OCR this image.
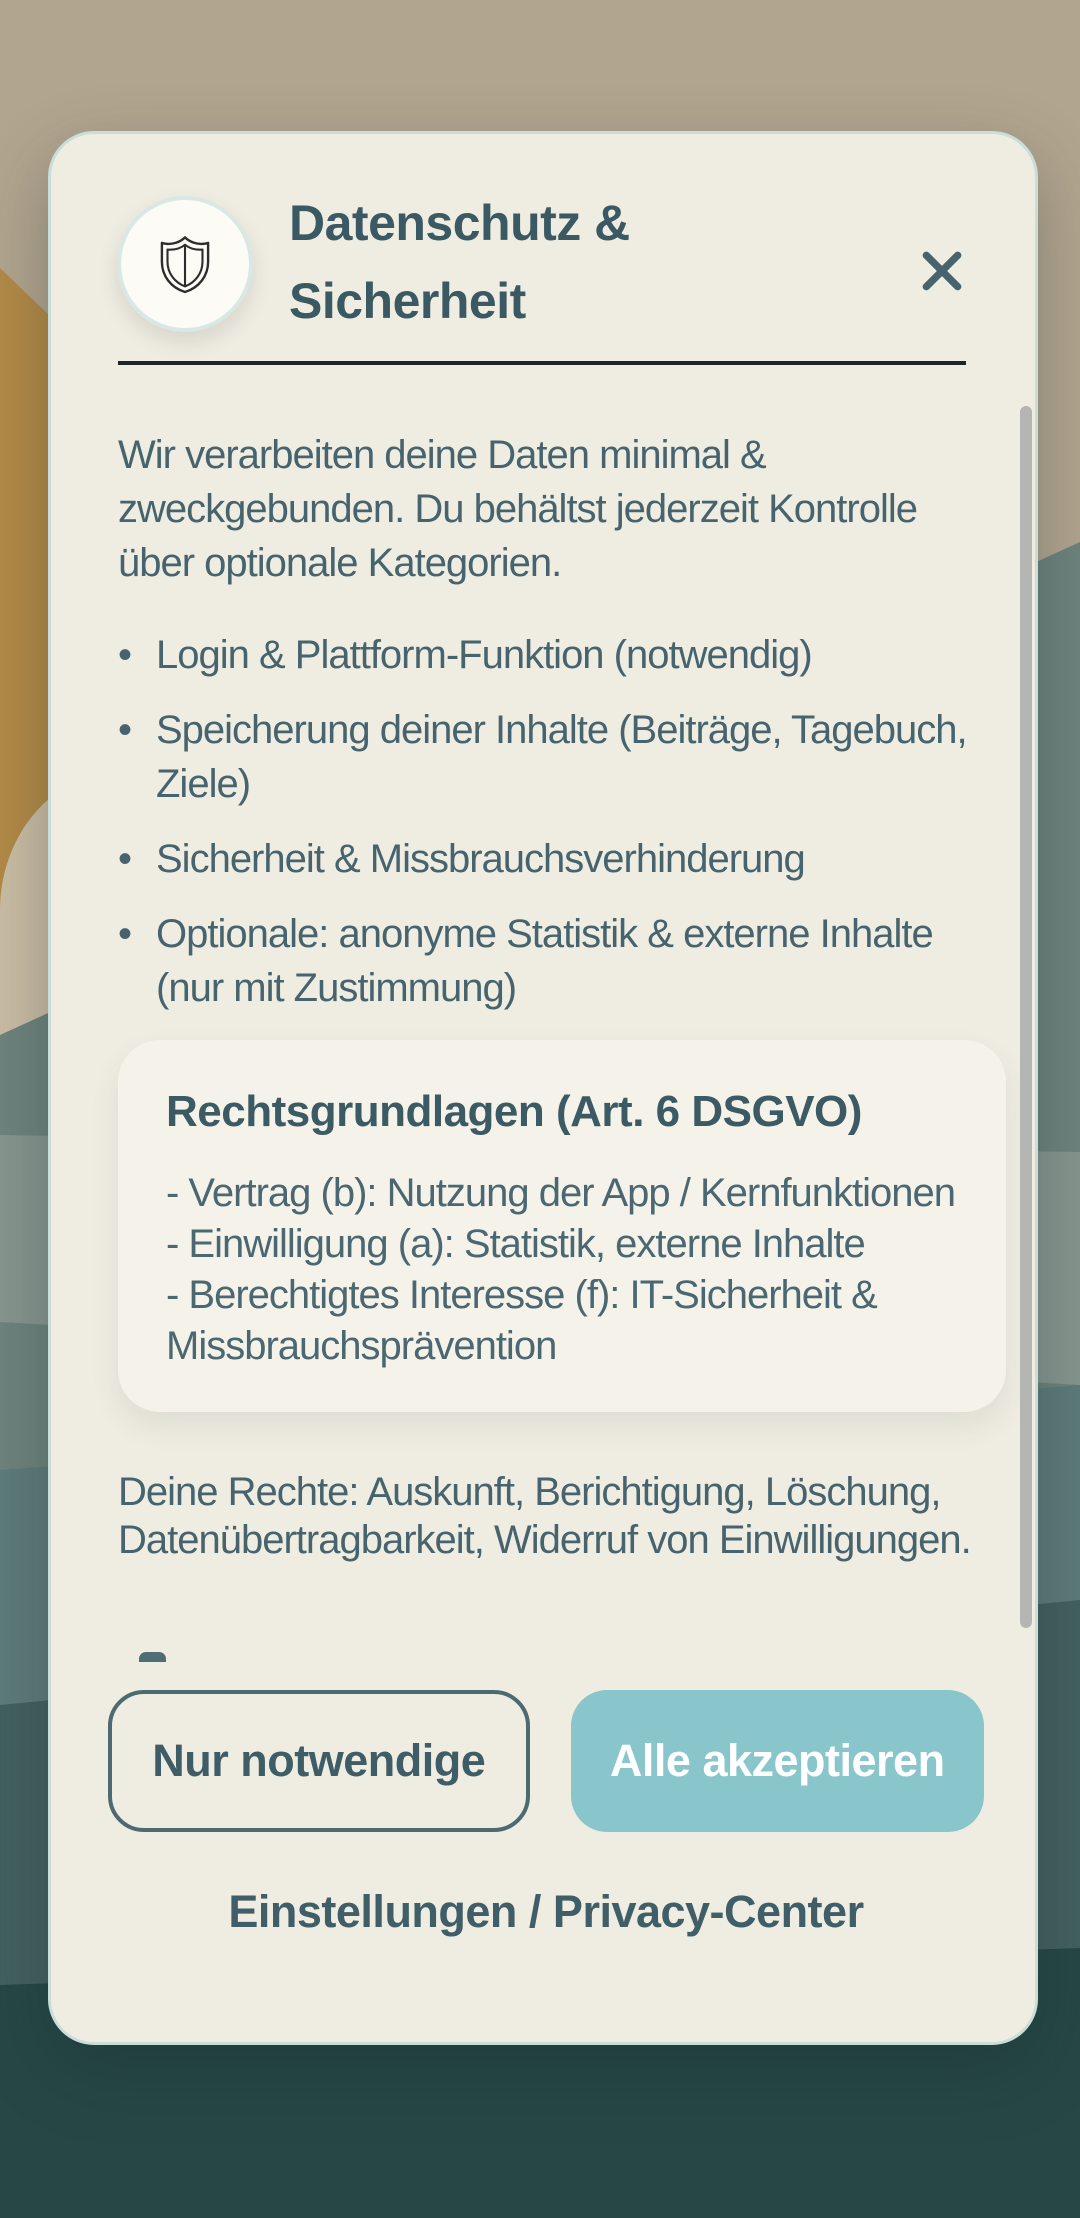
Datenschutz & Sicherheit

Wir verarbeiten deine Daten minimal & zweckgebunden. Du behältst jederzeit Kontrolle über optionale Kategorien.

• Login & Plattform-Funktion (notwendig)
• Speicherung deiner Inhalte (Beiträge, Tagebuch, Ziele)
• Sicherheit & Missbrauchsverhinderung
• Optionale: anonyme Statistik & externe Inhalte (nur mit Zustimmung)
Rechtsgrundlagen (Art. 6 DSGVO)
- Vertrag (b): Nutzung der App / Kernfunktionen
- Einwilligung (a): Statistik, externe Inhalte
- Berechtigtes Interesse (f): IT-Sicherheit & Missbrauchsprävention

Deine Rechte: Auskunft, Berichtigung, Löschung, Datenübertragbarkeit, Widerruf von Einwilligungen.

Nur notwendige	Alle akzeptieren
Einstellungen / Privacy-Center
